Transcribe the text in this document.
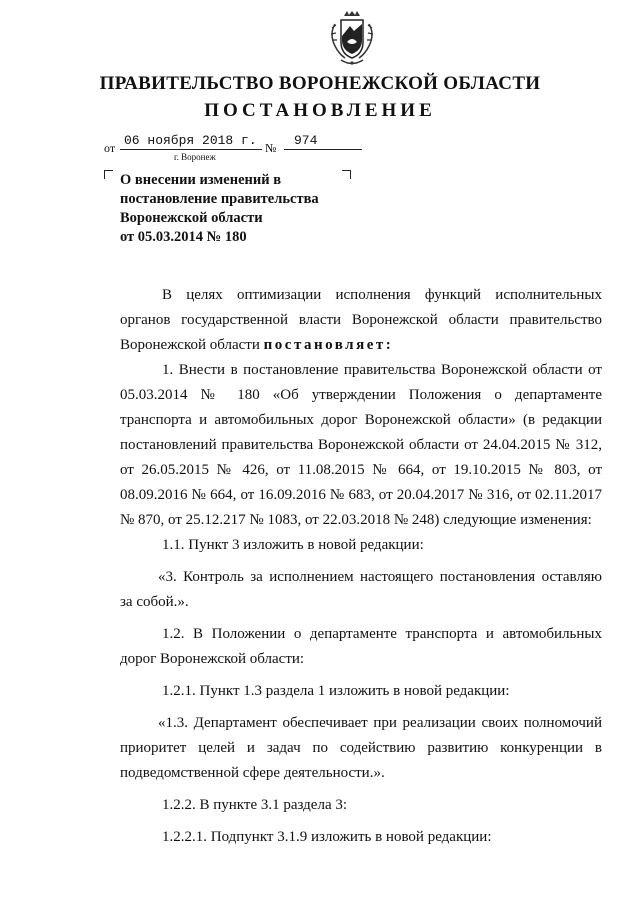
ПРАВИТЕЛЬСТВО ВОРОНЕЖСКОЙ ОБЛАСТИ
ПОСТАНОВЛЕНИЕ
от 06 ноября 2018 г. №	974
г. Воронеж
О внесении изменений в
постановление правительства
Воронежской области
от 05.03.2014 № 180

В целях оптимизации исполнения функций исполнительных органов государственной власти Воронежской области правительство Воронежской области постановляет:

1. Внести в постановление правительства Воронежской области от 05.03.2014 № 180 «Об утверждении Положения о департаменте транспорта и автомобильных дорог Воронежской области» (в редакции постановлений правительства Воронежской области от 24.04.2015 № 312, от 26.05.2015 № 426, от 11.08.2015 № 664, от 19.10.2015 № 803, от 08.09.2016 № 664, от 16.09.2016 № 683, от 20.04.2017 № 316, от 02.11.2017 № 870, от 25.12.217 № 1083, от 22.03.2018 № 248) следующие изменения:

1.1. Пункт 3 изложить в новой редакции:

«3. Контроль за исполнением настоящего постановления оставляю за собой.».

1.2. В Положении о департаменте транспорта и автомобильных дорог Воронежской области:

1.2.1. Пункт 1.3 раздела 1 изложить в новой редакции:

«1.3. Департамент обеспечивает при реализации своих полномочий приоритет целей и задач по содействию развитию конкуренции в подведомственной сфере деятельности.».

1.2.2. В пункте 3.1 раздела 3:

1.2.2.1. Подпункт 3.1.9 изложить в новой редакции:
